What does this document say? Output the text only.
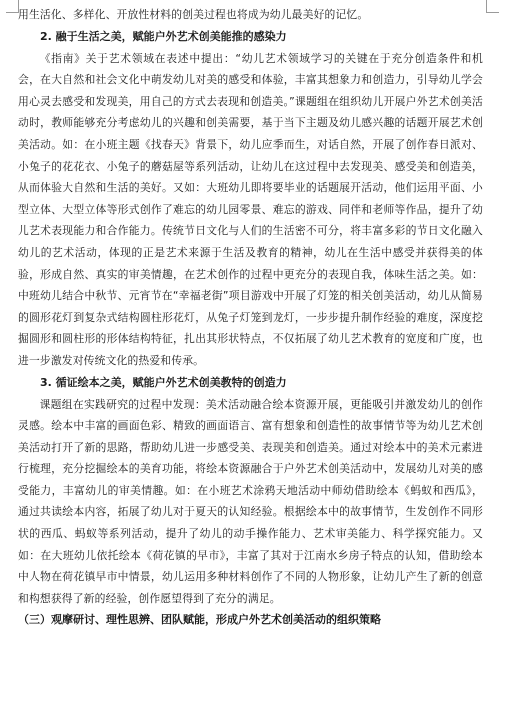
用生活化、多样化、开放性材料的创美过程也将成为幼儿最美好的记忆。

2. 融于生活之美，赋能户外艺术创美能推的感染力

《指南》关于艺术领域在表述中提出：“幼儿艺术领域学习的关键在于充分创造条件和机会，在大自然和社会文化中萌发幼儿对美的感受和体验，丰富其想象力和创造力，引导幼儿学会用心灵去感受和发现美，用自己的方式去表现和创造美。”课题组在组织幼儿开展户外艺术创美活动时，教师能够充分考虑幼儿的兴趣和创美需要，基于当下主题及幼儿感兴趣的话题开展艺术创美活动。如：在小班主题《找春天》背景下，幼儿应季而生，对话自然，开展了创作春日派对、小兔子的花花衣、小兔子的蘑菇屋等系列活动，让幼儿在这过程中去发现美、感受美和创造美，从而体验大自然和生活的美好。又如：大班幼儿即将要毕业的话题展开活动，他们运用平面、小型立体、大型立体等形式创作了难忘的幼儿园零景、难忘的游戏、同伴和老师等作品，提升了幼儿艺术表现能力和合作能力。传统节日文化与人们的生活密不可分，将丰富多彩的节日文化融入幼儿的艺术活动，体现的正是艺术来源于生活及教育的精神，幼儿在生活中感受并获得美的体验，形成自然、真实的审美情趣，在艺术创作的过程中更充分的表现自我，体味生活之美。如：中班幼儿结合中秋节、元宵节在“幸福老街”项目游戏中开展了灯笼的相关创美活动，幼儿从简易的圆形花灯到复杂式结构圆柱形花灯，从兔子灯笼到龙灯，一步步提升制作经验的难度，深度挖掘圆形和圆柱形的形体结构特征，扎出其形状特点，不仅拓展了幼儿艺术教育的宽度和广度，也进一步激发对传统文化的热爱和传承。

3. 循证绘本之美，赋能户外艺术创美教特的创造力

课题组在实践研究的过程中发现：美术活动融合绘本资源开展，更能吸引并激发幼儿的创作灵感。绘本中丰富的画面色彩、精致的画面语言、富有想象和创造性的故事情节等为幼儿艺术创美活动打开了新的思路，帮助幼儿进一步感受美、表现美和创造美。通过对绘本中的美术元素进行梳理，充分挖掘绘本的美育功能，将绘本资源融合于户外艺术创美活动中，发展幼儿对美的感受能力，丰富幼儿的审美情趣。如：在小班艺术涂鸦天地活动中师幼借助绘本《蚂蚁和西瓜》，通过共读绘本内容，拓展了幼儿对于夏天的认知经验。根据绘本中的故事情节，生发创作不同形状的西瓜、蚂蚁等系列活动，提升了幼儿的动手操作能力、艺术审美能力、科学探究能力。又如：在大班幼儿依托绘本《荷花镇的早市》，丰富了其对于江南水乡房子特点的认知，借助绘本中人物在荷花镇早市中情景，幼儿运用多种材料创作了不同的人物形象，让幼儿产生了新的创意和构想获得了新的经验，创作愿望得到了充分的满足。

（三）观摩研讨、理性思辨、团队赋能，形成户外艺术创美活动的组织策略
